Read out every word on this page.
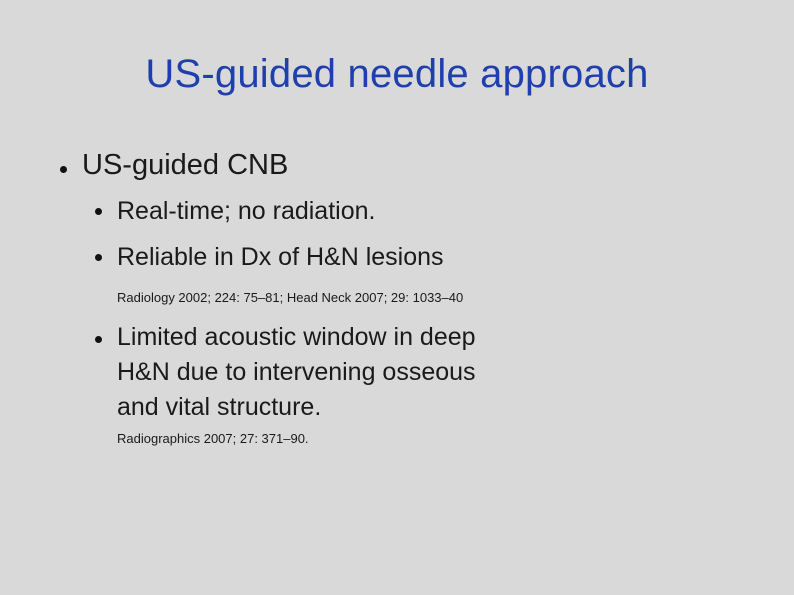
US-guided needle approach
US-guided CNB
Real-time; no radiation.
Reliable in Dx of H&N lesions
Radiology 2002; 224: 75–81; Head Neck 2007; 29: 1033–40
Limited acoustic window in deep
H&N due to intervening osseous
and vital structure.
Radiographics 2007; 27: 371–90.
